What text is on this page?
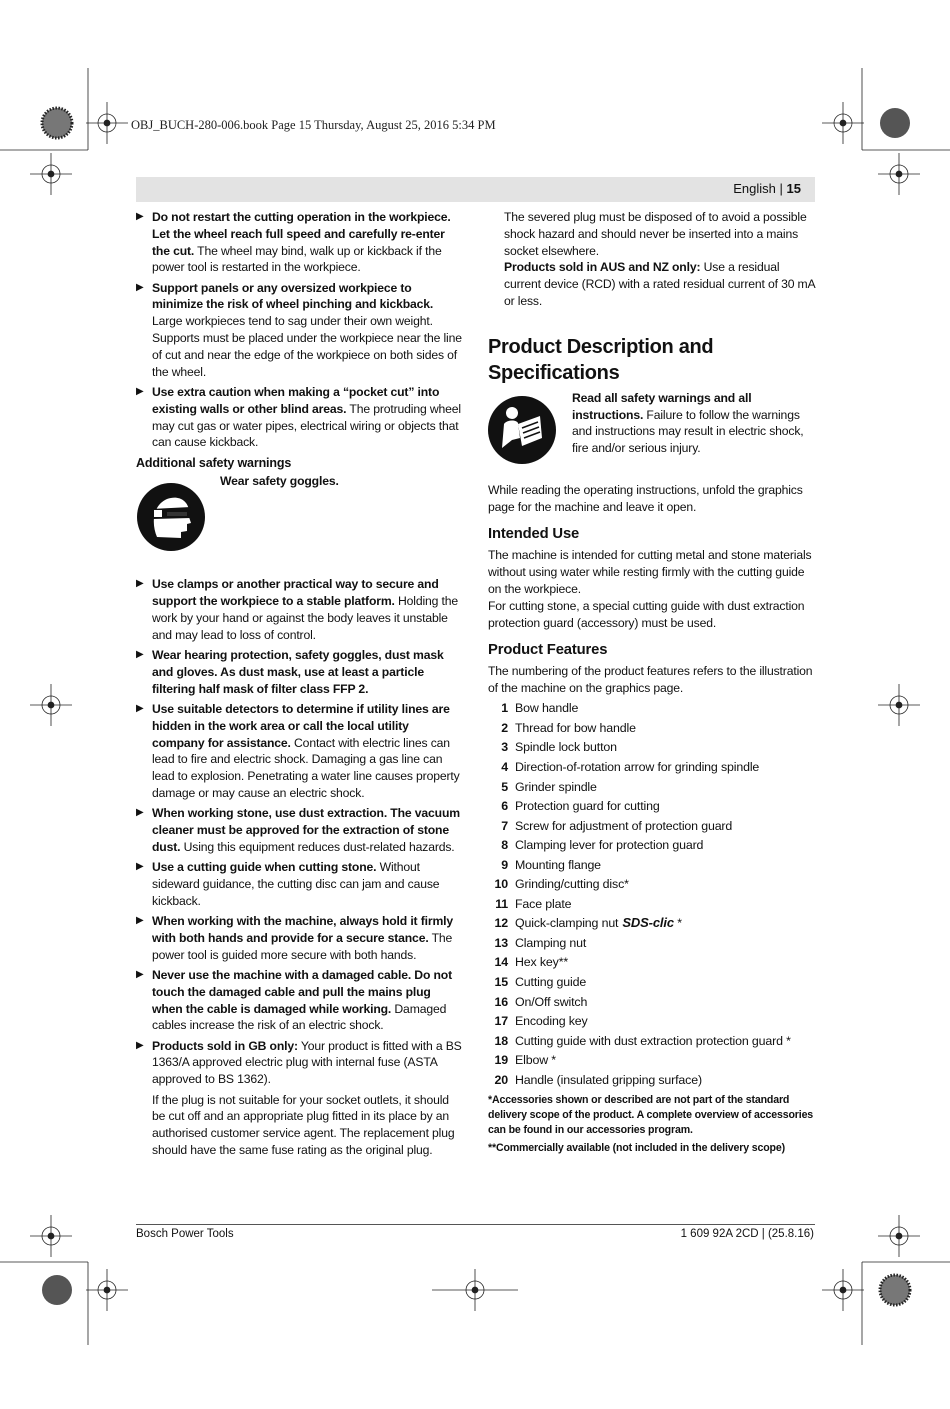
OBJ_BUCH-280-006.book Page 15 Thursday, August 25, 2016 5:34 PM
English | 15
▶ Do not restart the cutting operation in the workpiece. Let the wheel reach full speed and carefully re-enter the cut. The wheel may bind, walk up or kickback if the power tool is restarted in the workpiece.
▶ Support panels or any oversized workpiece to minimize the risk of wheel pinching and kickback. Large workpieces tend to sag under their own weight. Supports must be placed under the workpiece near the line of cut and near the edge of the workpiece on both sides of the wheel.
▶ Use extra caution when making a “pocket cut” into existing walls or other blind areas. The protruding wheel may cut gas or water pipes, electrical wiring or objects that can cause kickback.

Additional safety warnings

Wear safety goggles.
▶ Use clamps or another practical way to secure and support the workpiece to a stable platform. Holding the work by your hand or against the body leaves it unstable and may lead to loss of control.
▶ Wear hearing protection, safety goggles, dust mask and gloves. As dust mask, use at least a particle filtering half mask of filter class FFP 2.
▶ Use suitable detectors to determine if utility lines are hidden in the work area or call the local utility company for assistance. Contact with electric lines can lead to fire and electric shock. Damaging a gas line can lead to explosion. Penetrating a water line causes property damage or may cause an electric shock.
▶ When working stone, use dust extraction. The vacuum cleaner must be approved for the extraction of stone dust. Using this equipment reduces dust-related hazards.
▶ Use a cutting guide when cutting stone. Without sideward guidance, the cutting disc can jam and cause kickback.
▶ When working with the machine, always hold it firmly with both hands and provide for a secure stance. The power tool is guided more secure with both hands.
▶ Never use the machine with a damaged cable. Do not touch the damaged cable and pull the mains plug when the cable is damaged while working. Damaged cables increase the risk of an electric shock.
▶ Products sold in GB only: Your product is fitted with a BS 1363/A approved electric plug with internal fuse (ASTA approved to BS 1362).

If the plug is not suitable for your socket outlets, it should be cut off and an appropriate plug fitted in its place by an authorised customer service agent. The replacement plug should have the same fuse rating as the original plug.

The severed plug must be disposed of to avoid a possible shock hazard and should never be inserted into a mains socket elsewhere.

Products sold in AUS and NZ only: Use a residual current device (RCD) with a rated residual current of 30 mA or less.

Product Description and Specifications

Read all safety warnings and all instructions. Failure to follow the warnings and instructions may result in electric shock, fire and/or serious injury.

While reading the operating instructions, unfold the graphics page for the machine and leave it open.

Intended Use

The machine is intended for cutting metal and stone materials without using water while resting firmly with the cutting guide on the workpiece.

For cutting stone, a special cutting guide with dust extraction protection guard (accessory) must be used.

Product Features

The numbering of the product features refers to the illustration of the machine on the graphics page.

1 Bow handle
2 Thread for bow handle
3 Spindle lock button
4 Direction-of-rotation arrow for grinding spindle
5 Grinder spindle
6 Protection guard for cutting
7 Screw for adjustment of protection guard
8 Clamping lever for protection guard
9 Mounting flange
10 Grinding/cutting disc*
11 Face plate
12 Quick-clamping nut SDS-clic *
13 Clamping nut
14 Hex key**
15 Cutting guide
16 On/Off switch
17 Encoding key
18 Cutting guide with dust extraction protection guard *
19 Elbow *
20 Handle (insulated gripping surface)

*Accessories shown or described are not part of the standard delivery scope of the product. A complete overview of accessories can be found in our accessories program.

**Commercially available (not included in the delivery scope)

Bosch Power Tools	1 609 92A 2CD | (25.8.16)
